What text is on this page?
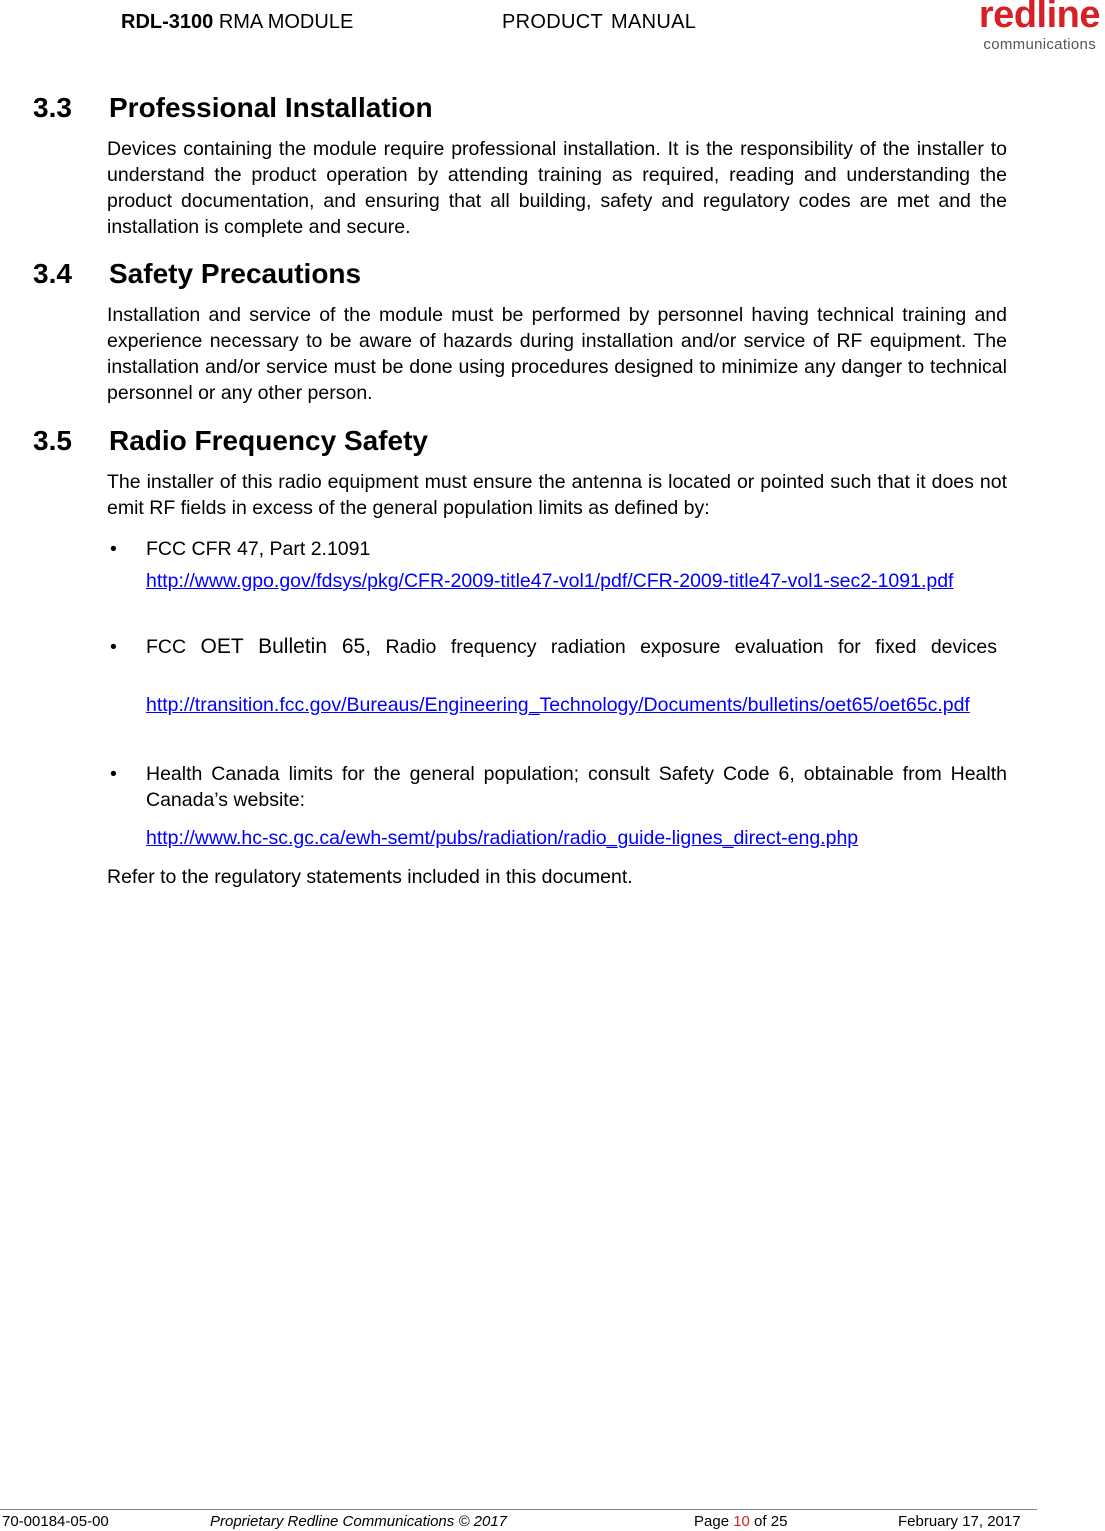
RDL-3100 RMA MODULE	PRODUCT MANUAL	redline
communications
3.3 Professional Installation

Devices containing the module require professional installation. It is the responsibility of the installer to understand the product operation by attending training as required, reading and understanding the product documentation, and ensuring that all building, safety and regulatory codes are met and the installation is complete and secure.

3.4 Safety Precautions

Installation and service of the module must be performed by personnel having technical training and experience necessary to be aware of hazards during installation and/or service of RF equipment. The installation and/or service must be done using procedures designed to minimize any danger to technical personnel or any other person.

3.5 Radio Frequency Safety

The installer of this radio equipment must ensure the antenna is located or pointed such that it does not emit RF fields in excess of the general population limits as defined by:

• FCC CFR 47, Part 2.1091
http://www.gpo.gov/fdsys/pkg/CFR-2009-title47-vol1/pdf/CFR-2009-title47-vol1-sec2-1091.pdf
• FCC OET Bulletin 65, Radio frequency radiation exposure evaluation for fixed devices
http://transition.fcc.gov/Bureaus/Engineering_Technology/Documents/bulletins/oet65/oet65c.pdf
• Health Canada limits for the general population; consult Safety Code 6, obtainable from Health Canada’s website:
http://www.hc-sc.gc.ca/ewh-semt/pubs/radiation/radio_guide-lignes_direct-eng.php

Refer to the regulatory statements included in this document.

70-00184-05-00	Proprietary Redline Communications © 2017	Page 10 of 25	February 17, 2017
